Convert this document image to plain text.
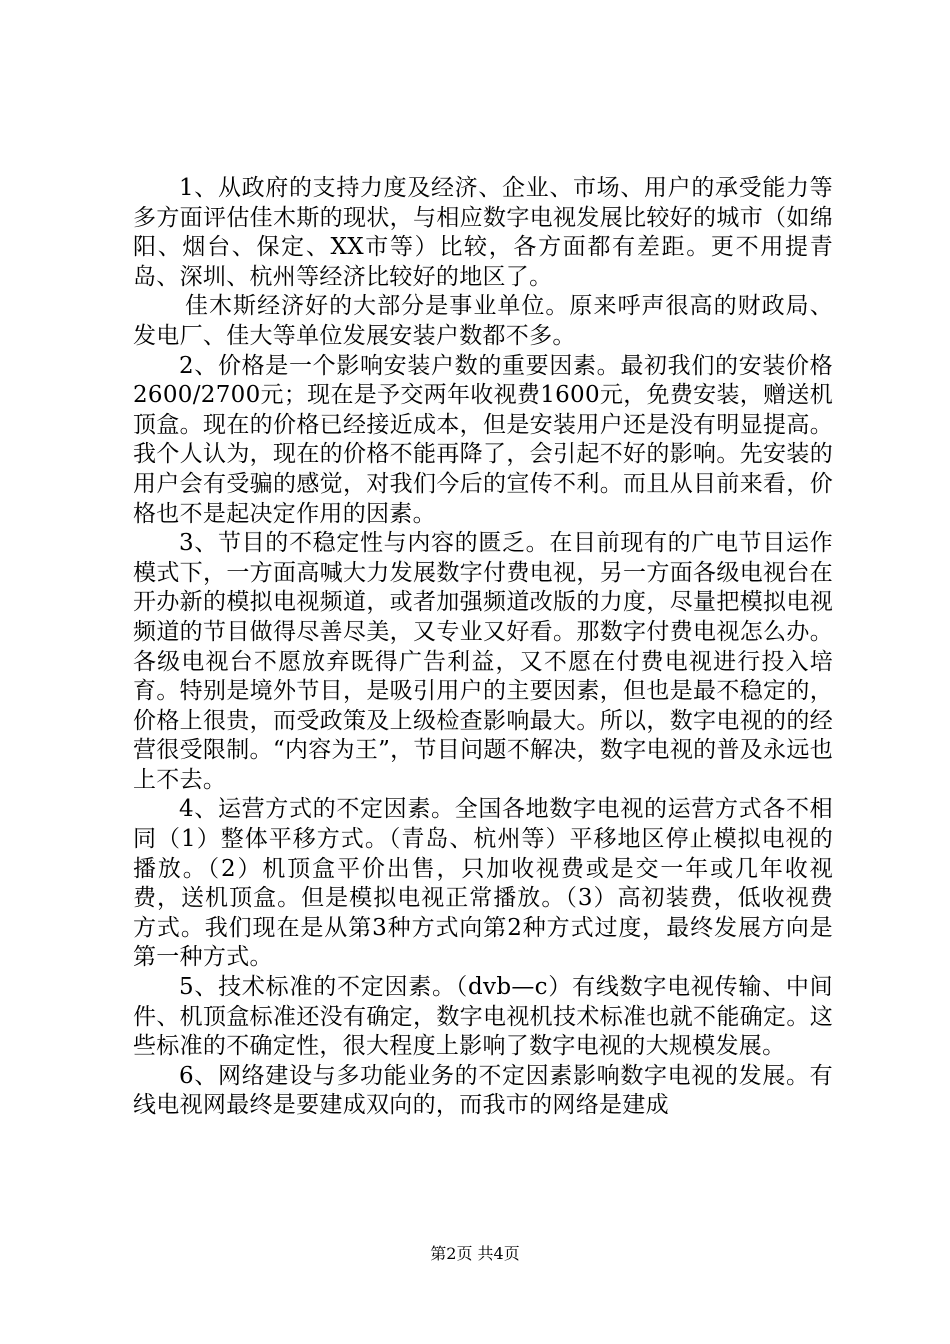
1、从政府的支持力度及经济、企业、市场、用户的承受能力等多方面评估佳木斯的现状，与相应数字电视发展比较好的城市（如绵阳、烟台、保定、XX市等）比较，各方面都有差距。更不用提青岛、深圳、杭州等经济比较好的地区了。

佳木斯经济好的大部分是事业单位。原来呼声很高的财政局、发电厂、佳大等单位发展安装户数都不多。

2、价格是一个影响安装户数的重要因素。最初我们的安装价格2600/2700元；现在是予交两年收视费1600元，免费安装，赠送机顶盒。现在的价格已经接近成本，但是安装用户还是没有明显提高。我个人认为，现在的价格不能再降了，会引起不好的影响。先安装的用户会有受骗的感觉，对我们今后的宣传不利。而且从目前来看，价格也不是起决定作用的因素。

3、节目的不稳定性与内容的匮乏。在目前现有的广电节目运作模式下，一方面高喊大力发展数字付费电视，另一方面各级电视台在开办新的模拟电视频道，或者加强频道改版的力度，尽量把模拟电视频道的节目做得尽善尽美，又专业又好看。那数字付费电视怎么办。各级电视台不愿放弃既得广告利益，又不愿在付费电视进行投入培育。特别是境外节目，是吸引用户的主要因素，但也是最不稳定的，价格上很贵，而受政策及上级检查影响最大。所以，数字电视的的经营很受限制。“内容为王”，节目问题不解决，数字电视的普及永远也上不去。

4、运营方式的不定因素。全国各地数字电视的运营方式各不相同（1）整体平移方式。（青岛、杭州等）平移地区停止模拟电视的播放。（2）机顶盒平价出售，只加收视费或是交一年或几年收视费，送机顶盒。但是模拟电视正常播放。（3）高初装费，低收视费方式。我们现在是从第3种方式向第2种方式过度，最终发展方向是第一种方式。

5、技术标准的不定因素。（dvb—c）有线数字电视传输、中间件、机顶盒标准还没有确定，数字电视机技术标准也就不能确定。这些标准的不确定性，很大程度上影响了数字电视的大规模发展。

6、网络建设与多功能业务的不定因素影响数字电视的发展。有线电视网最终是要建成双向的，而我市的网络是建成

第2页 共4页
